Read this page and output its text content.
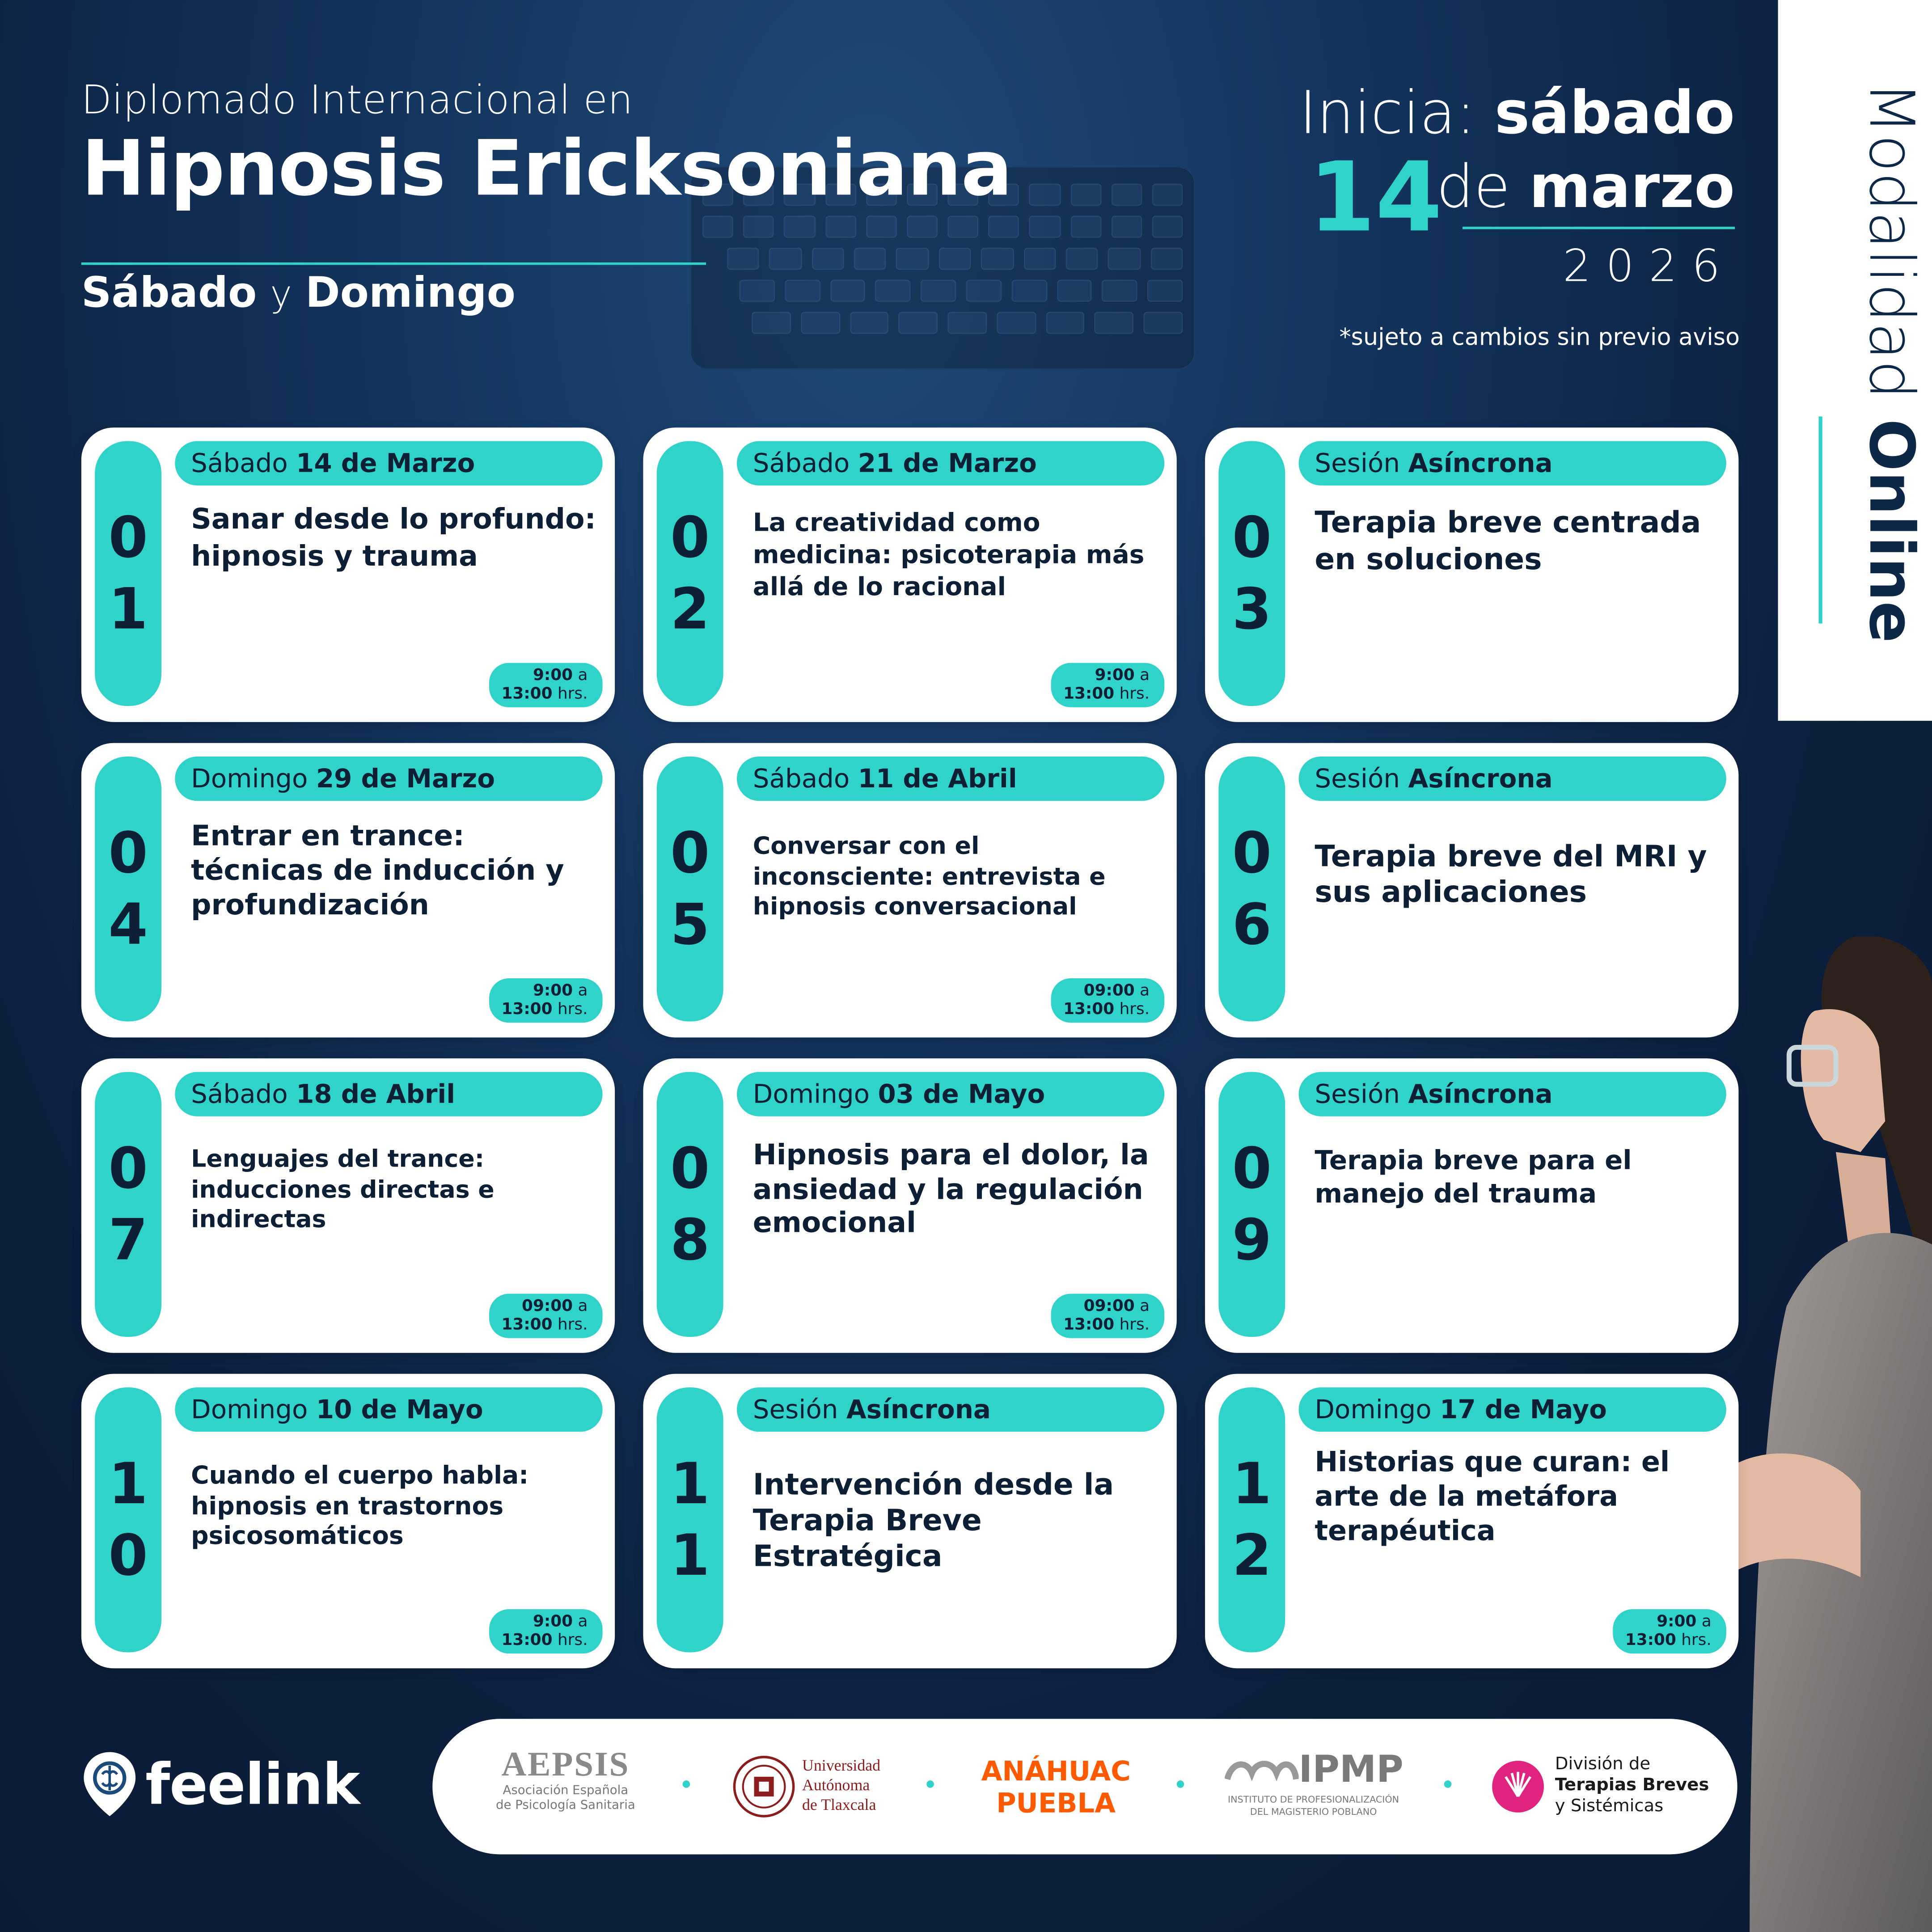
Diplomado Internacional en
Hipnosis Ericksoniana
Sábado y Domingo
Inicia: sábado
14
de marzo
2026
*sujeto a cambios sin previo aviso	Modalidad Online
0
1
Sábado 14 de Marzo
Sanar desde lo profundo: hipnosis y trauma
9:00 a
13:00 hrs.
0
2
Sábado 21 de Marzo
La creatividad como medicina: psicoterapia más allá de lo racional
9:00 a
13:00 hrs.
0
3
Sesión Asíncrona
Terapia breve centrada en soluciones
0
4
Domingo 29 de Marzo
Entrar en trance: técnicas de inducción y profundización
9:00 a
13:00 hrs.
0
5
Sábado 11 de Abril
Conversar con el inconsciente: entrevista e hipnosis conversacional
09:00 a
13:00 hrs.
0
6
Sesión Asíncrona
Terapia breve del MRI y sus aplicaciones
0
7
Sábado 18 de Abril
Lenguajes del trance: inducciones directas e indirectas
09:00 a
13:00 hrs.
0
8
Domingo 03 de Mayo
Hipnosis para el dolor, la ansiedad y la regulación emocional
09:00 a
13:00 hrs.
0
9
Sesión Asíncrona
Terapia breve para el manejo del trauma
1
0
Domingo 10 de Mayo
Cuando el cuerpo habla: hipnosis en trastornos psicosomáticos
9:00 a
13:00 hrs.
1
1
Sesión Asíncrona
Intervención desde la Terapia Breve Estratégica
1
2
Domingo 17 de Mayo
Historias que curan: el arte de la metáfora terapéutica
9:00 a
13:00 hrs.
feelink	AEPSIS
Asociación Española
de Psicología Sanitaria
Universidad
Autónoma
de Tlaxcala
ANÁHUAC
PUEBLA
IPMP
INSTITUTO DE PROFESIONALIZACIÓN
DEL MAGISTERIO POBLANO
División de
Terapias Breves
y Sistémicas
